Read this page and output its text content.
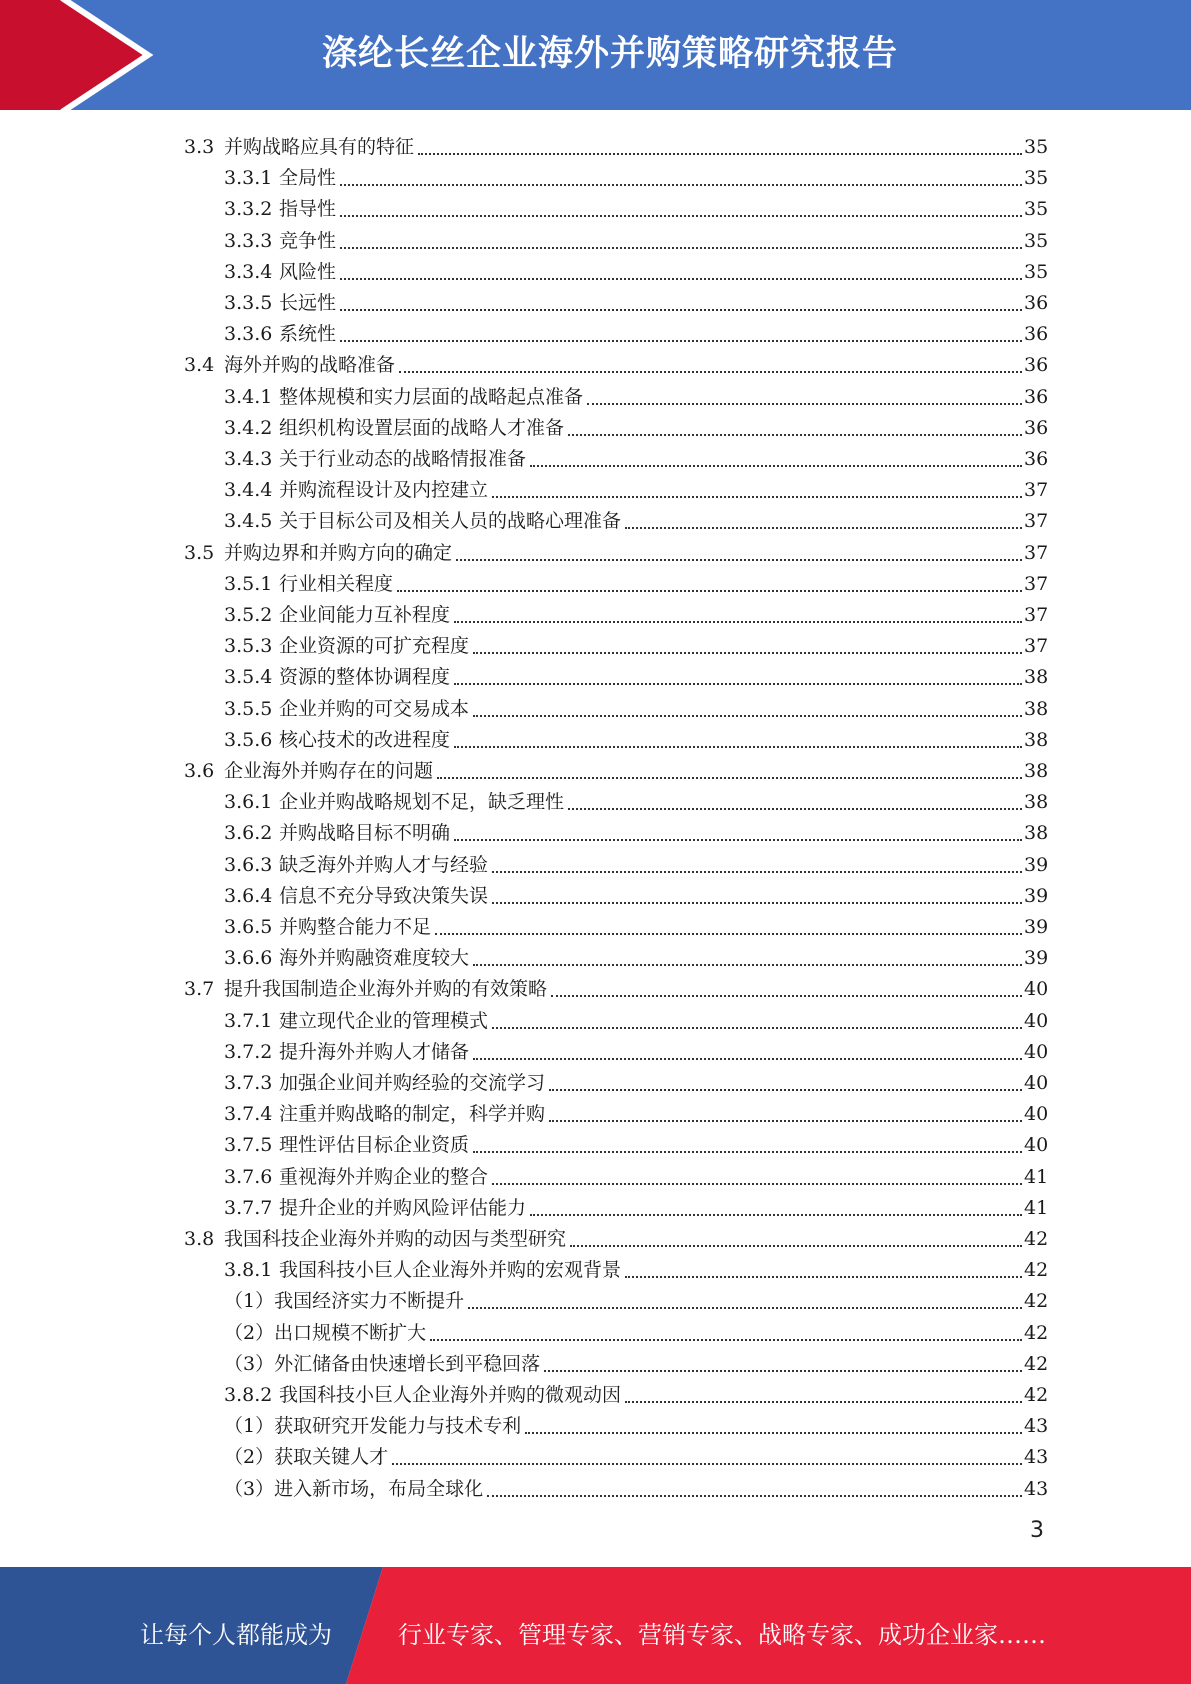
涤纶长丝企业海外并购策略研究报告
3.3 并购战略应具有的特征	35
3.3.1 全局性	35
3.3.2 指导性	35
3.3.3 竞争性	35
3.3.4 风险性	35
3.3.5 长远性	36
3.3.6 系统性	36
3.4 海外并购的战略准备	36
3.4.1 整体规模和实力层面的战略起点准备	36
3.4.2 组织机构设置层面的战略人才准备	36
3.4.3 关于行业动态的战略情报准备	36
3.4.4 并购流程设计及内控建立	37
3.4.5 关于目标公司及相关人员的战略心理准备	37
3.5 并购边界和并购方向的确定	37
3.5.1 行业相关程度	37
3.5.2 企业间能力互补程度	37
3.5.3 企业资源的可扩充程度	37
3.5.4 资源的整体协调程度	38
3.5.5 企业并购的可交易成本	38
3.5.6 核心技术的改进程度	38
3.6 企业海外并购存在的问题	38
3.6.1 企业并购战略规划不足，缺乏理性	38
3.6.2 并购战略目标不明确	38
3.6.3 缺乏海外并购人才与经验	39
3.6.4 信息不充分导致决策失误	39
3.6.5 并购整合能力不足	39
3.6.6 海外并购融资难度较大	39
3.7 提升我国制造企业海外并购的有效策略	40
3.7.1 建立现代企业的管理模式	40
3.7.2 提升海外并购人才储备	40
3.7.3 加强企业间并购经验的交流学习	40
3.7.4 注重并购战略的制定，科学并购	40
3.7.5 理性评估目标企业资质	40
3.7.6 重视海外并购企业的整合	41
3.7.7 提升企业的并购风险评估能力	41
3.8 我国科技企业海外并购的动因与类型研究	42
3.8.1 我国科技小巨人企业海外并购的宏观背景	42
（1） 我国经济实力不断提升	42
（2） 出口规模不断扩大	42
（3） 外汇储备由快速增长到平稳回落	42
3.8.2 我国科技小巨人企业海外并购的微观动因	42
（1） 获取研究开发能力与技术专利	43
（2） 获取关键人才	43
（3） 进入新市场，布局全球化	43
3
让每个人都能成为	行业专家、管理专家、营销专家、战略专家、成功企业家……
